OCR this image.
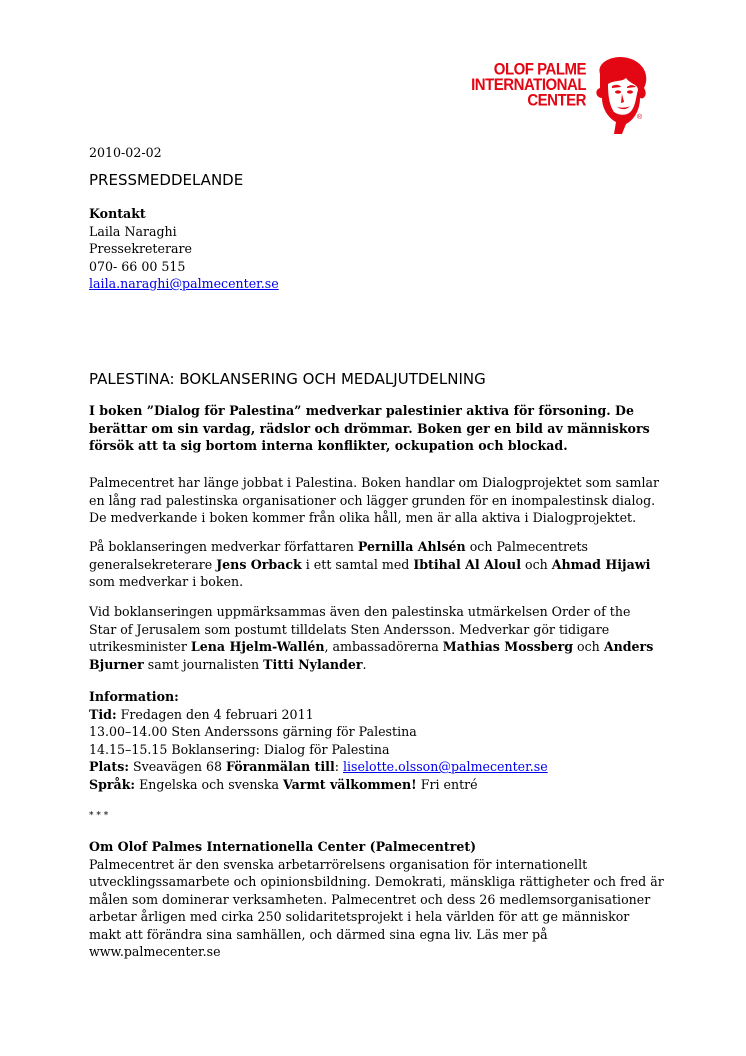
OLOF PALME
INTERNATIONAL
CENTER
®

2010-02-02

PRESSMEDDELANDE

Kontakt
Laila Naraghi
Pressekreterare
070- 66 00 515
laila.naraghi@palmecenter.se

PALESTINA: BOKLANSERING OCH MEDALJUTDELNING

I boken ”Dialog för Palestina” medverkar palestinier aktiva för försoning. De berättar om sin vardag, rädslor och drömmar. Boken ger en bild av människors försök att ta sig bortom interna konflikter, ockupation och blockad.

Palmecentret har länge jobbat i Palestina. Boken handlar om Dialogprojektet som samlar en lång rad palestinska organisationer och lägger grunden för en inompalestinsk dialog. De medverkande i boken kommer från olika håll, men är alla aktiva i Dialogprojektet.

På boklanseringen medverkar författaren Pernilla Ahlsén och Palmecentrets generalsekreterare Jens Orback i ett samtal med Ibtihal Al Aloul och Ahmad Hijawi som medverkar i boken.

Vid boklanseringen uppmärksammas även den palestinska utmärkelsen Order of the Star of Jerusalem som postumt tilldelats Sten Andersson. Medverkar gör tidigare utrikesminister Lena Hjelm-Wallén, ambassadörerna Mathias Mossberg och Anders Bjurner samt journalisten Titti Nylander.

Information:
Tid: Fredagen den 4 februari 2011
13.00–14.00 Sten Anderssons gärning för Palestina
14.15–15.15 Boklansering: Dialog för Palestina
Plats: Sveavägen 68 Föranmälan till: liselotte.olsson@palmecenter.se
Språk: Engelska och svenska Varmt välkommen! Fri entré

* * *

Om Olof Palmes Internationella Center (Palmecentret)
Palmecentret är den svenska arbetarrörelsens organisation för internationellt utvecklingssamarbete och opinionsbildning. Demokrati, mänskliga rättigheter och fred är målen som dominerar verksamheten. Palmecentret och dess 26 medlemsorganisationer arbetar årligen med cirka 250 solidaritetsprojekt i hela världen för att ge människor makt att förändra sina samhällen, och därmed sina egna liv. Läs mer på www.palmecenter.se
